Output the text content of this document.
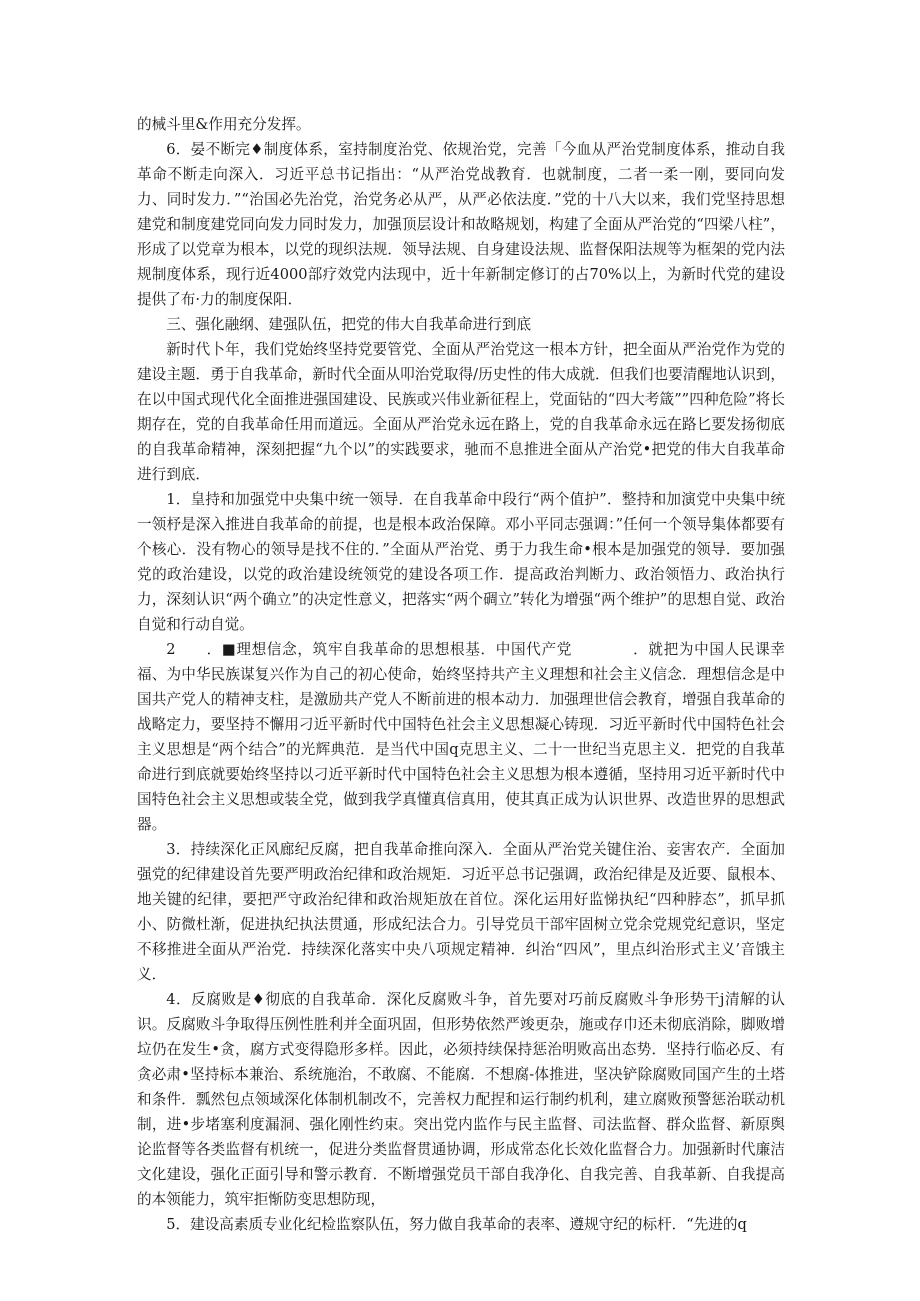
的械斗里&作用充分发挥。

6．晏不断完♦制度体系，室持制度治党、依规治党，完善「今血从严治党制度体系，推动自我革命不断走向深入．习近平总书记指出：“从严治党战教育．也就制度，二者一柔一刚，要同向发力、同时发力．”“治国必先治党，治党务必从严，从严必依法度．”党的十八大以来，我们党坚持思想建党和制度建党同向发力同时发力，加强顶层设计和故略规划，构建了全面从严治党的“四梁八柱”，形成了以党章为根本，以党的现织法规．领导法规、自身建设法规、监督保阳法规等为框架的党内法规制度体系，现行近4000部疗效党内法现中，近十年新制定修订的占70%以上，为新时代党的建设提供了布·力的制度保阳．

三、强化融纲、建强队伍，把党的伟大自我革命进行到底

新时代卜年，我们党始终坚持党要管党、全面从严治党这一根本方针，把全面从严治党作为党的建设主题．勇于自我革命，新时代全面从叩治党取得/历史性的伟大成就．但我们也要清醒地认识到，在以中国式现代化全面推进强国建设、民族或兴伟业新征程上，党面钻的“四大考箴””四种危险”将长期存在，党的自我革命任用而道远。全面从严治党永远在路上，党的自我革命永远在路匕要发扬彻底的自我革命精神，深刻把握“九个以”的实践要求，驰而不息推进全面从产治党•把党的伟大自我革命进行到底．

1．皇持和加强党中央集中统一领导．在自我革命中段行“两个值护”．整持和加演党中央集中统一领杼是深入推进自我革命的前提，也是根本政治保障。邓小平同志强调：”任何一个领导集体都要有个核心．没有物心的领导是找不住的．”全面从严治党、勇于力我生命•根本是加强党的领导．要加强党的政治建设，以党的政治建设统领党的建设各项工作．提高政治判断力、政治领悟力、政治执行力，深刻认识“两个确立”的决定性意义，把落实“两个碉立”转化为增强“两个维护”的思想自觉、政治自觉和行动自觉。

2　　．■理想信念，筑牢自我革命的思想根基．中国代产党　　　　．就把为中国人民课幸福、为中华民族谋复兴作为自己的初心使命，始终坚持共产主义理想和社会主义信念．理想信念是中国共产党人的精神支柱，是激励共产党人不断前进的根本动力．加强理世信会教育，增强自我革命的战略定力，要坚持不懈用刁近平新时代中国特色社会主义思想凝心铸现．习近平新时代中国特色社会主义思想是“两个结合”的光辉典范．是当代中国q克思主义、二十一世纪当克思主义．把党的自我革命进行到底就要始终坚持以刁近平新时代中国特色社会主义思想为根本遵循，坚持用习近平新时代中国特色社会主义思想或装全党，做到我学真懂真信真用，使其真正成为认识世界、改造世界的思想武器。

3．持续深化正风廊纪反腐，把自我革命推向深入．全面从严治党关键住治、妾害农产．全面加强党的纪律建设首先要严明政治纪律和政治规矩．习近平总书记强调，政治纪律是及近要、鼠根本、地关键的纪律，要把严守政治纪律和政治规矩放在首位。深化运用好监悌执纪“四种脖态”，抓早抓小、防微杜渐，促进执纪执法贯通，形成纪法合力。引导党员干部牢固树立党余党规党纪意识，坚定不移推进全面从严治党．持续深化落实中央八项规定精神．纠治“四风”，里点纠治形式主义’音饿主义．

4．反腐败是♦彻底的自我革命．深化反腐败斗争，首先要对巧前反腐败斗争形势干j清解的认识。反腐败斗争取得压例性胜利并全面巩固，但形势依然严竣更杂，施或存巾还未彻底消除，脚败增垃仍在发生•贪，腐方式变得隐形多样。因此，必须持续保持惩治明败高出态势．坚持行临必反、有贪必肃•坚持标本兼治、系统施治，不敢腐、不能腐．不想腐-体推进，坚决铲除腐败同国产生的土塔和条件．瓢然包点领域深化体制机制改不，完善权力配捏和运行制约机利，建立腐败预警惩治联动机制，进•步堵塞利度漏洞、强化刚性约束。突出党内监作与民主监督、司法监督、群众监督、新原舆论监督等各类监督有机统一，促进分类监督贯通协调，形成常态化长效化监督合力。加强新时代廉洁文化建设，强化正面引导和警示教育．不断增强党员干部自我净化、自我完善、自我革新、自我提高的本领能力，筑牢拒惭防变思想防现，

5．建设高素质专业化纪检监察队伍，努力做自我革命的表率、遵规守纪的标杆．“先进的q
